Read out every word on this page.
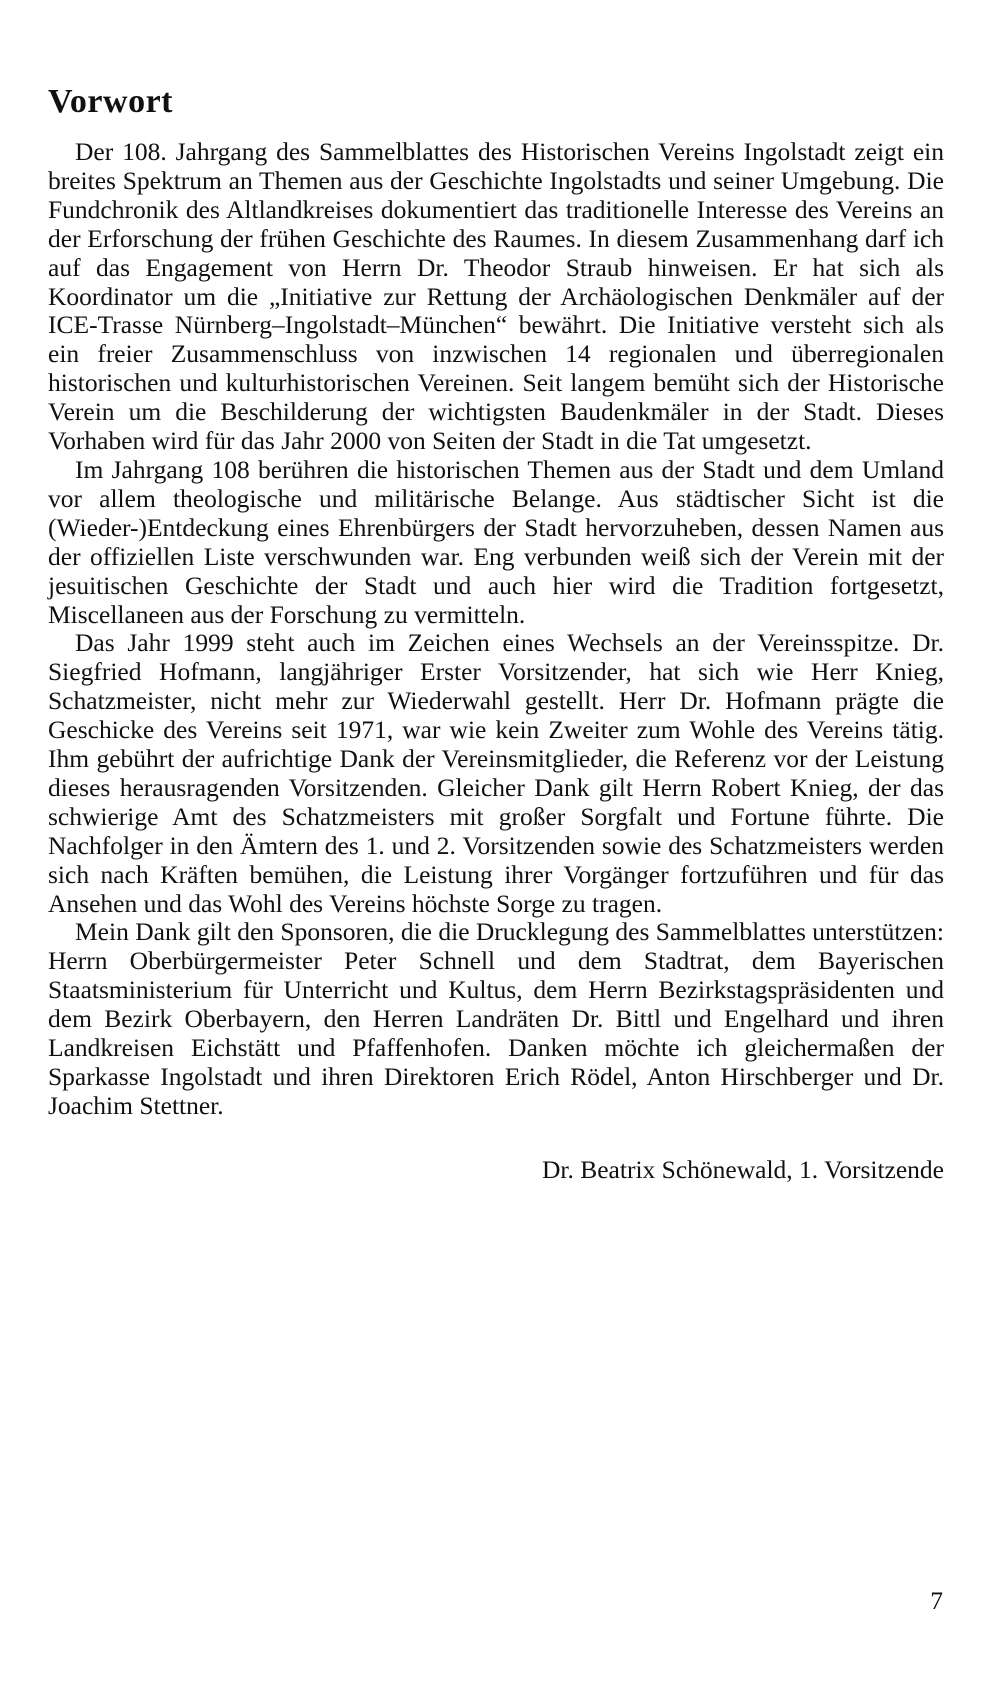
Vorwort

Der 108. Jahrgang des Sammelblattes des Historischen Vereins Ingolstadt zeigt ein breites Spektrum an Themen aus der Geschichte Ingolstadts und seiner Umgebung. Die Fundchronik des Altlandkreises dokumentiert das traditionelle Interesse des Vereins an der Erforschung der frühen Geschichte des Raumes. In diesem Zusammenhang darf ich auf das Engagement von Herrn Dr. Theodor Straub hinweisen. Er hat sich als Koordinator um die „Initiative zur Rettung der Archäologischen Denkmäler auf der ICE-Trasse Nürnberg–Ingolstadt–München“ bewährt. Die Initiative versteht sich als ein freier Zusammenschluss von inzwischen 14 regionalen und überregionalen historischen und kulturhistorischen Vereinen. Seit langem bemüht sich der Historische Verein um die Beschilderung der wichtigsten Baudenkmäler in der Stadt. Dieses Vorhaben wird für das Jahr 2000 von Seiten der Stadt in die Tat umgesetzt.

Im Jahrgang 108 berühren die historischen Themen aus der Stadt und dem Umland vor allem theologische und militärische Belange. Aus städtischer Sicht ist die (Wieder-)Entdeckung eines Ehrenbürgers der Stadt hervorzuheben, dessen Namen aus der offiziellen Liste verschwunden war. Eng verbunden weiß sich der Verein mit der jesuitischen Geschichte der Stadt und auch hier wird die Tradition fortgesetzt, Miscellaneen aus der Forschung zu vermitteln.

Das Jahr 1999 steht auch im Zeichen eines Wechsels an der Vereinsspitze. Dr. Siegfried Hofmann, langjähriger Erster Vorsitzender, hat sich wie Herr Knieg, Schatzmeister, nicht mehr zur Wiederwahl gestellt. Herr Dr. Hofmann prägte die Geschicke des Vereins seit 1971, war wie kein Zweiter zum Wohle des Vereins tätig. Ihm gebührt der aufrichtige Dank der Vereinsmitglieder, die Referenz vor der Leistung dieses herausragenden Vorsitzenden. Gleicher Dank gilt Herrn Robert Knieg, der das schwierige Amt des Schatzmeisters mit großer Sorgfalt und Fortune führte. Die Nachfolger in den Ämtern des 1. und 2. Vorsitzenden sowie des Schatzmeisters werden sich nach Kräften bemühen, die Leistung ihrer Vorgänger fortzuführen und für das Ansehen und das Wohl des Vereins höchste Sorge zu tragen.

Mein Dank gilt den Sponsoren, die die Drucklegung des Sammelblattes unterstützen: Herrn Oberbürgermeister Peter Schnell und dem Stadtrat, dem Bayerischen Staatsministerium für Unterricht und Kultus, dem Herrn Bezirkstagspräsidenten und dem Bezirk Oberbayern, den Herren Landräten Dr. Bittl und Engelhard und ihren Landkreisen Eichstätt und Pfaffenhofen. Danken möchte ich gleichermaßen der Sparkasse Ingolstadt und ihren Direktoren Erich Rödel, Anton Hirschberger und Dr. Joachim Stettner.

Dr. Beatrix Schönewald, 1. Vorsitzende

7
